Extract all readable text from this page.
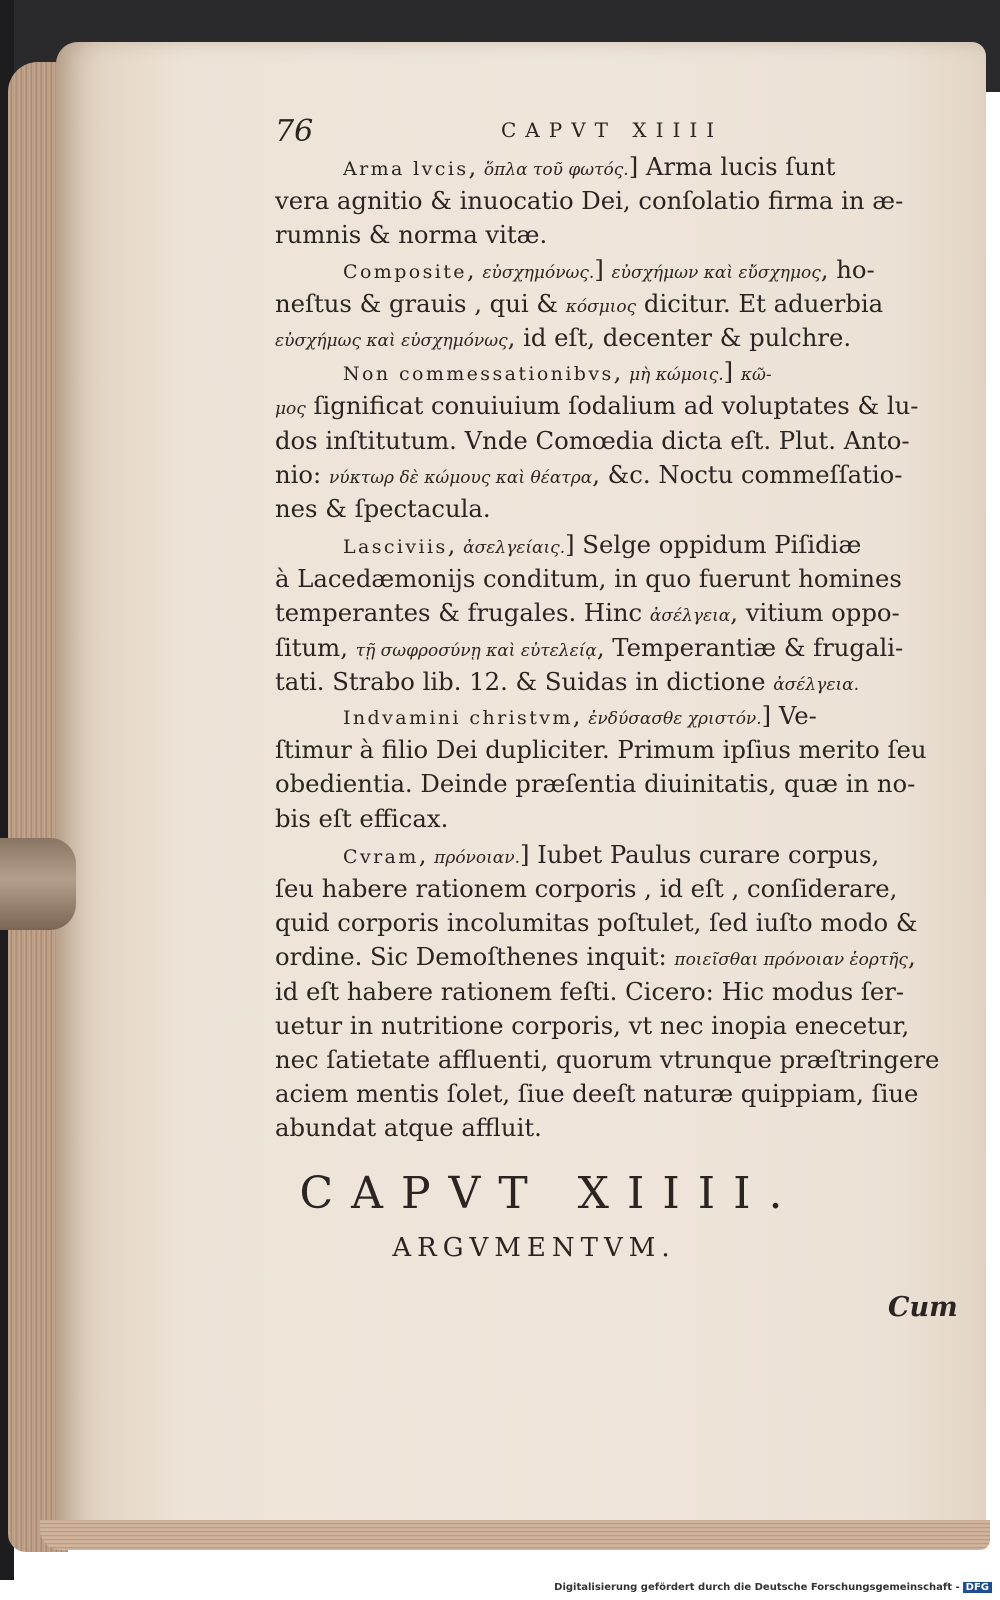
76	CAPVT XIIII
Arma lvcis, ὅπλα τοῦ φωτός.] Arma lucis ſunt
vera agnitio & inuocatio Dei, conſolatio firma in æ-
rumnis & norma vitæ.
Composite, εὐσχημόνως.] εὐσχήμων καὶ εὔσχημος, ho-
neſtus & grauis , qui & κόσμιος dicitur. Et aduerbia
εὐσχήμως καὶ εὐσχημόνως, id eſt, decenter & pulchre.
Non commessationibvs, μὴ κώμοις.] κῶ-
μος ſignificat conuiuium ſodalium ad voluptates & lu-
dos inſtitutum. Vnde Comœdia dicta eſt. Plut. Anto-
nio: νύκτωρ δὲ κώμους καὶ θέατρα, &c. Noctu commeſſatio-
nes & ſpectacula.
Lascivіis, ἀσελγείαις.] Selge oppidum Piſidiæ
à Lacedæmonijs conditum, in quo fuerunt homines
temperantes & frugales. Hinc ἀσέλγεια, vitium oppo-
ſitum, τῇ σωφροσύνῃ καὶ εὐτελείᾳ, Temperantiæ & frugali-
tati. Strabo lib. 12. & Suidas in dictione ἀσέλγεια.
Indvamini christvm, ἐνδύσασθε χριστόν.] Ve-
ſtimur à filio Dei dupliciter. Primum ipſius merito ſeu
obedientia. Deinde præſentia diuinitatis, quæ in no-
bis eſt efficax.
Cvram, πρόνοιαν.] Iubet Paulus curare corpus,
ſeu habere rationem corporis , id eſt , conſiderare,
quid corporis incolumitas poſtulet, ſed iuſto modo &
ordine. Sic Demoſthenes inquit: ποιεῖσθαι πρόνοιαν ἑορτῆς,
id eſt habere rationem feſti. Cicero: Hic modus ſer-
uetur in nutritione corporis, vt nec inopia enecetur,
nec ſatietate affluenti, quorum vtrunque præſtringere
aciem mentis ſolet, ſiue deeſt naturæ quippiam, ſiue
abundat atque affluit.
CAPVT XIIII.
ARGVMENTVM.
Cum
Digitalisierung gefördert durch die Deutsche Forschungsgemeinschaft - DFG
